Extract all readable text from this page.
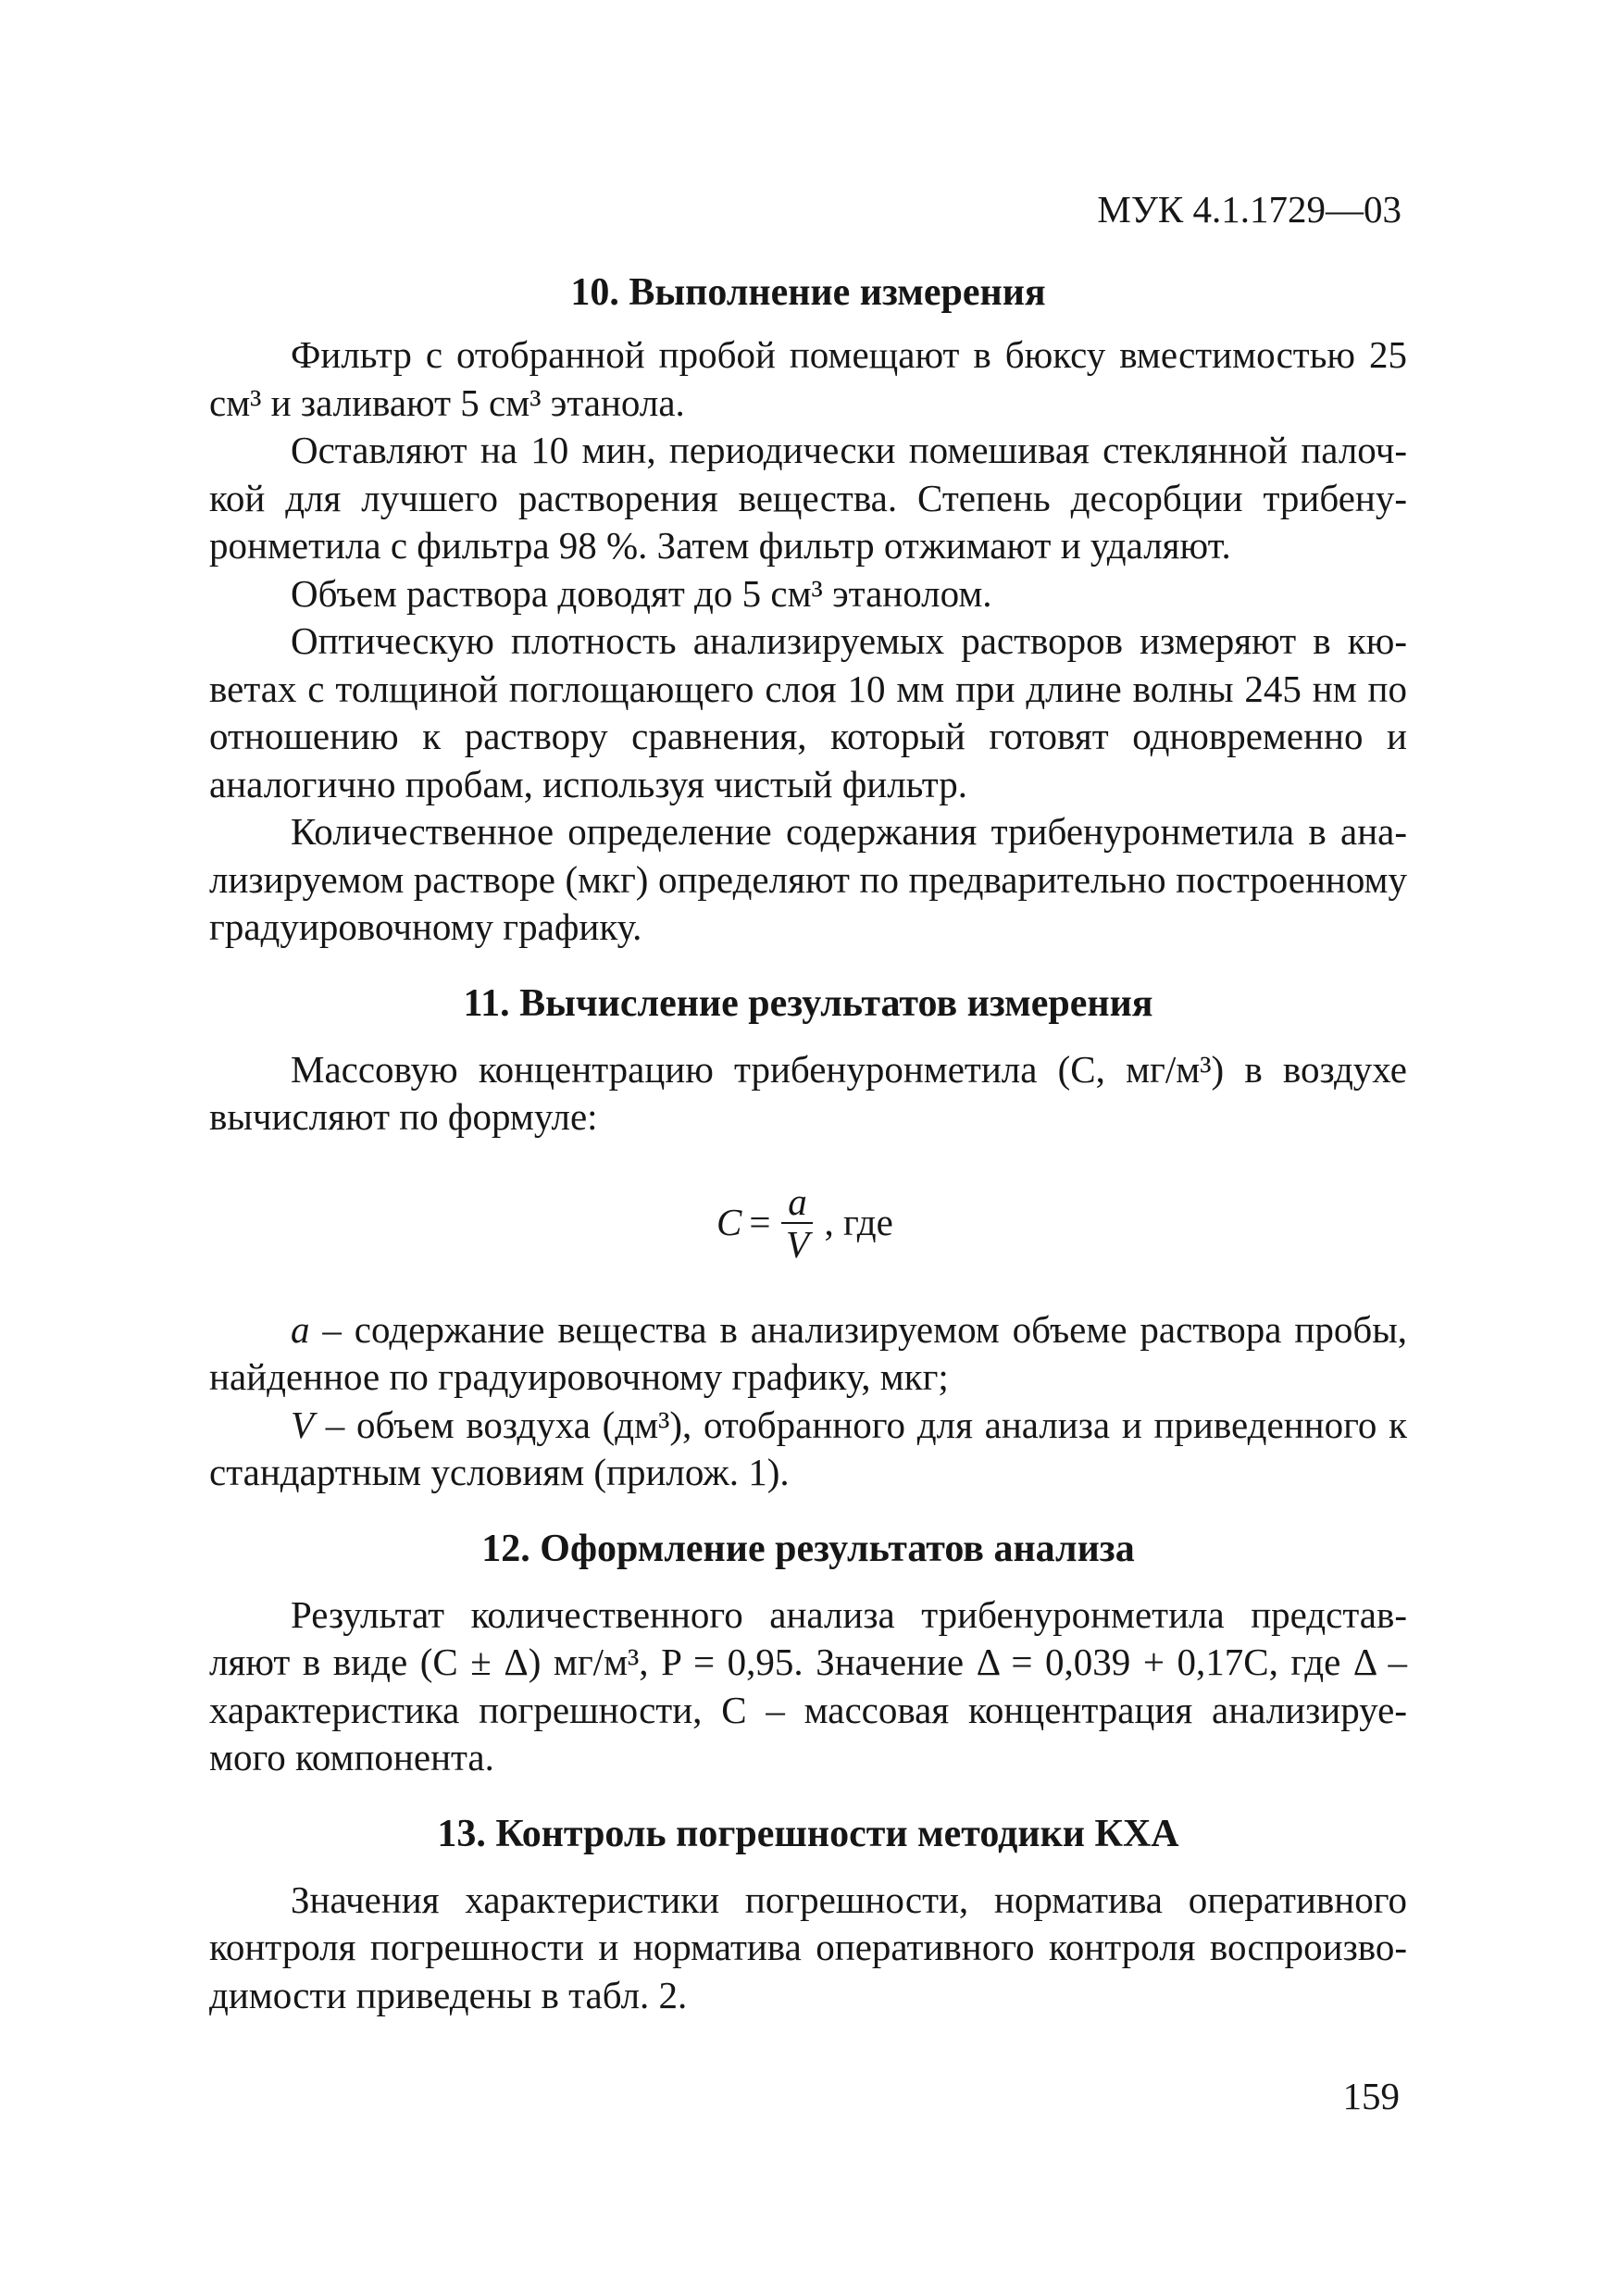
МУК 4.1.1729—03
10. Выполнение измерения

Фильтр с отобранной пробой помещают в бюксу вместимостью 25 см³ и заливают 5 см³ этанола.

Оставляют на 10 мин, периодически помешивая стеклянной палочкой для лучшего растворения вещества. Степень десорбции трибенуронметила с фильтра 98 %. Затем фильтр отжимают и удаляют.

Объем раствора доводят до 5 см³ этанолом.

Оптическую плотность анализируемых растворов измеряют в кюветах с толщиной поглощающего слоя 10 мм при длине волны 245 нм по отношению к раствору сравнения, который готовят одновременно и аналогично пробам, используя чистый фильтр.

Количественное определение содержания трибенуронметила в анализируемом растворе (мкг) определяют по предварительно построенному градуировочному графику.

11. Вычисление результатов измерения

Массовую концентрацию трибенуронметила (C, мг/м³) в воздухе вычисляют по формуле:

$C = \frac{a}{V}$ , где

a – содержание вещества в анализируемом объеме раствора пробы, найденное по градуировочному графику, мкг;

V – объем воздуха (дм³), отобранного для анализа и приведенного к стандартным условиям (прилож. 1).

12. Оформление результатов анализа

Результат количественного анализа трибенуронметила представляют в виде (C ± Δ) мг/м³, P = 0,95. Значение Δ = 0,039 + 0,17C, где Δ – характеристика погрешности, C – массовая концентрация анализируемого компонента.

13. Контроль погрешности методики КХА

Значения характеристики погрешности, норматива оперативного контроля погрешности и норматива оперативного контроля воспроизводимости приведены в табл. 2.

159
